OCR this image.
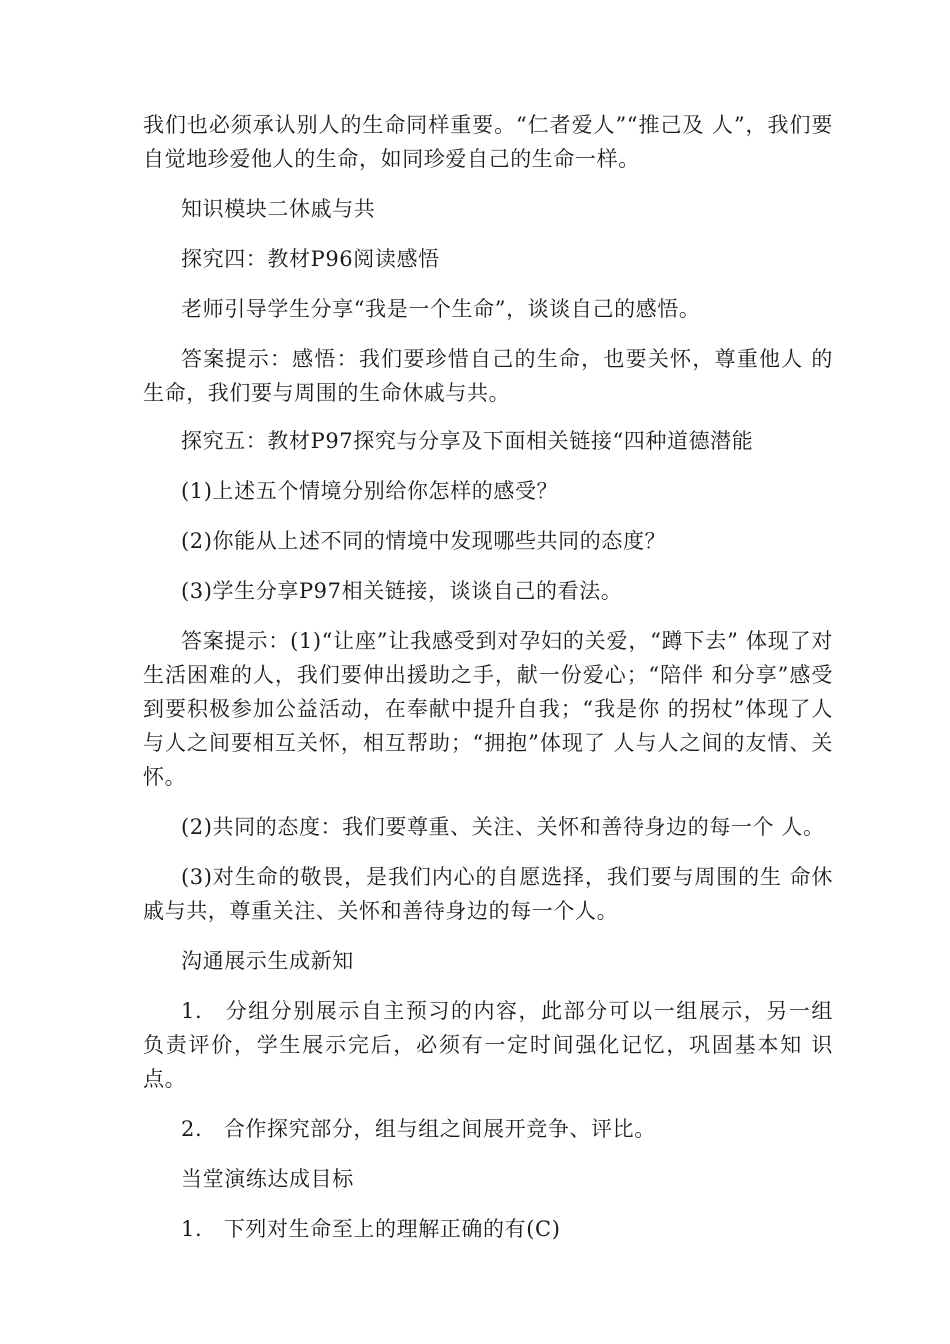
我们也必须承认别人的生命同样重要。“仁者爱人”“推己及 人”，我们要自觉地珍爱他人的生命，如同珍爱自己的生命一样。

知识模块二休戚与共

探究四：教材P96阅读感悟

老师引导学生分享“我是一个生命”，谈谈自己的感悟。

答案提示：感悟：我们要珍惜自己的生命，也要关怀，尊重他人 的生命，我们要与周围的生命休戚与共。

探究五：教材P97探究与分享及下面相关链接“四种道德潜能

(1)上述五个情境分别给你怎样的感受？

(2)你能从上述不同的情境中发现哪些共同的态度？

(3)学生分享P97相关链接，谈谈自己的看法。

答案提示：(1)“让座”让我感受到对孕妇的关爱，“蹲下去” 体现了对生活困难的人，我们要伸出援助之手，献一份爱心；“陪伴 和分享”感受到要积极参加公益活动，在奉献中提升自我；“我是你 的拐杖”体现了人与人之间要相互关怀，相互帮助；“拥抱”体现了 人与人之间的友情、关怀。

(2)共同的态度：我们要尊重、关注、关怀和善待身边的每一个 人。

(3)对生命的敬畏，是我们内心的自愿选择，我们要与周围的生 命休戚与共，尊重关注、关怀和善待身边的每一个人。

沟通展示生成新知

1.　分组分别展示自主预习的内容，此部分可以一组展示，另一组 负责评价，学生展示完后，必须有一定时间强化记忆，巩固基本知 识点。

2.　合作探究部分，组与组之间展开竞争、评比。

当堂演练达成目标

1.　下列对生命至上的理解正确的有(C)
